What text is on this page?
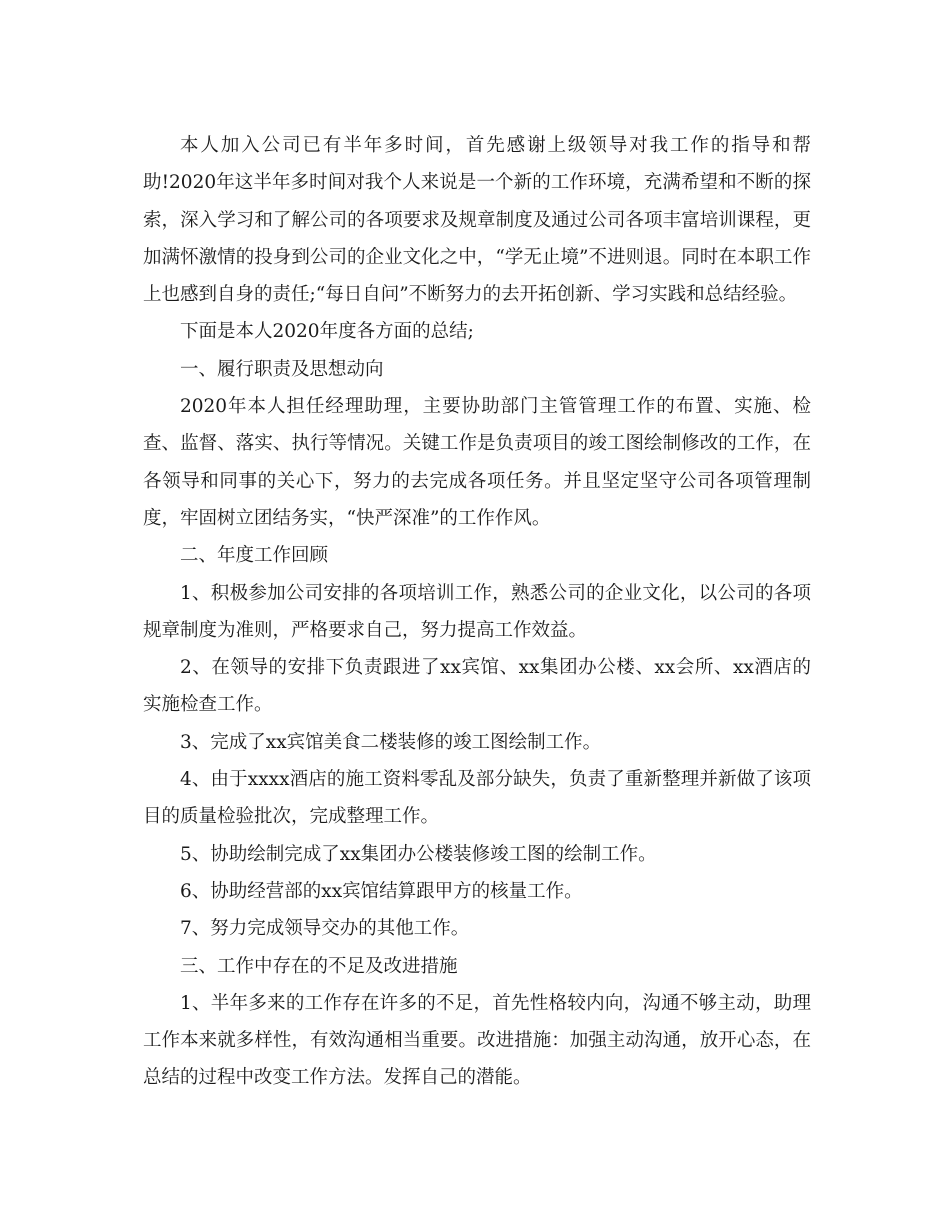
本人加入公司已有半年多时间，首先感谢上级领导对我工作的指导和帮助!2020年这半年多时间对我个人来说是一个新的工作环境，充满希望和不断的探索，深入学习和了解公司的各项要求及规章制度及通过公司各项丰富培训课程，更加满怀激情的投身到公司的企业文化之中，“学无止境”不进则退。同时在本职工作上也感到自身的责任;“每日自问”不断努力的去开拓创新、学习实践和总结经验。

下面是本人2020年度各方面的总结;

一、履行职责及思想动向

2020年本人担任经理助理，主要协助部门主管管理工作的布置、实施、检查、监督、落实、执行等情况。关键工作是负责项目的竣工图绘制修改的工作，在各领导和同事的关心下，努力的去完成各项任务。并且坚定坚守公司各项管理制度，牢固树立团结务实，“快严深准”的工作作风。

二、年度工作回顾

1、积极参加公司安排的各项培训工作，熟悉公司的企业文化，以公司的各项规章制度为准则，严格要求自己，努力提高工作效益。

2、在领导的安排下负责跟进了xx宾馆、xx集团办公楼、xx会所、xx酒店的实施检查工作。

3、完成了xx宾馆美食二楼装修的竣工图绘制工作。

4、由于xxxx酒店的施工资料零乱及部分缺失，负责了重新整理并新做了该项目的质量检验批次，完成整理工作。

5、协助绘制完成了xx集团办公楼装修竣工图的绘制工作。

6、协助经营部的xx宾馆结算跟甲方的核量工作。

7、努力完成领导交办的其他工作。

三、工作中存在的不足及改进措施

1、半年多来的工作存在许多的不足，首先性格较内向，沟通不够主动，助理工作本来就多样性，有效沟通相当重要。改进措施：加强主动沟通，放开心态，在总结的过程中改变工作方法。发挥自己的潜能。
